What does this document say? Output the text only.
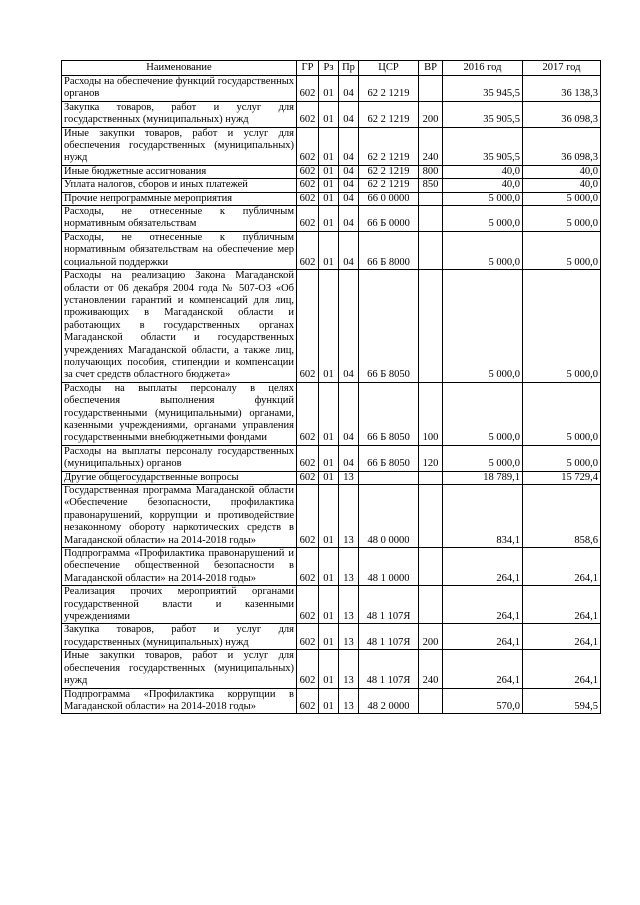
Наименование	ГР	Рз	Пр	ЦСР	ВР	2016 год	2017 год
Расходы на обеспечение функций государственных органов	602	01	04	62 2 1219		35 945,5	36 138,3
Закупка товаров, работ и услуг для государственных (муниципальных) нужд	602	01	04	62 2 1219	200	35 905,5	36 098,3
Иные закупки товаров, работ и услуг для обеспечения государственных (муниципальных) нужд	602	01	04	62 2 1219	240	35 905,5	36 098,3
Иные бюджетные ассигнования	602	01	04	62 2 1219	800	40,0	40,0
Уплата налогов, сборов и иных платежей	602	01	04	62 2 1219	850	40,0	40,0
Прочие непрограммные мероприятия	602	01	04	66 0 0000		5 000,0	5 000,0
Расходы, не отнесенные к публичным нормативным обязательствам	602	01	04	66 Б 0000		5 000,0	5 000,0
Расходы, не отнесенные к публичным нормативным обязательствам на обеспечение мер социальной поддержки	602	01	04	66 Б 8000		5 000,0	5 000,0
Расходы на реализацию Закона Магаданской области от 06 декабря 2004 года № 507-ОЗ «Об установлении гарантий и компенсаций для лиц, проживающих в Магаданской области и работающих в государственных органах Магаданской области и государственных учреждениях Магаданской области, а также лиц, получающих пособия, стипендии и компенсации за счет средств областного бюджета»	602	01	04	66 Б 8050		5 000,0	5 000,0
Расходы на выплаты персоналу в целях обеспечения выполнения функций государственными (муниципальными) органами, казенными учреждениями, органами управления государственными внебюджетными фондами	602	01	04	66 Б 8050	100	5 000,0	5 000,0
Расходы на выплаты персоналу государственных (муниципальных) органов	602	01	04	66 Б 8050	120	5 000,0	5 000,0
Другие общегосударственные вопросы	602	01	13			18 789,1	15 729,4
Государственная программа Магаданской области «Обеспечение безопасности, профилактика правонарушений, коррупции и противодействие незаконному обороту наркотических средств в Магаданской области» на 2014-2018 годы»	602	01	13	48 0 0000		834,1	858,6
Подпрограмма «Профилактика правонарушений и обеспечение общественной безопасности в Магаданской области» на 2014-2018 годы»	602	01	13	48 1 0000		264,1	264,1
Реализация прочих мероприятий органами государственной власти и казенными учреждениями	602	01	13	48 1 107Я		264,1	264,1
Закупка товаров, работ и услуг для государственных (муниципальных) нужд	602	01	13	48 1 107Я	200	264,1	264,1
Иные закупки товаров, работ и услуг для обеспечения государственных (муниципальных) нужд	602	01	13	48 1 107Я	240	264,1	264,1
Подпрограмма «Профилактика коррупции в Магаданской области» на 2014-2018 годы»	602	01	13	48 2 0000		570,0	594,5
